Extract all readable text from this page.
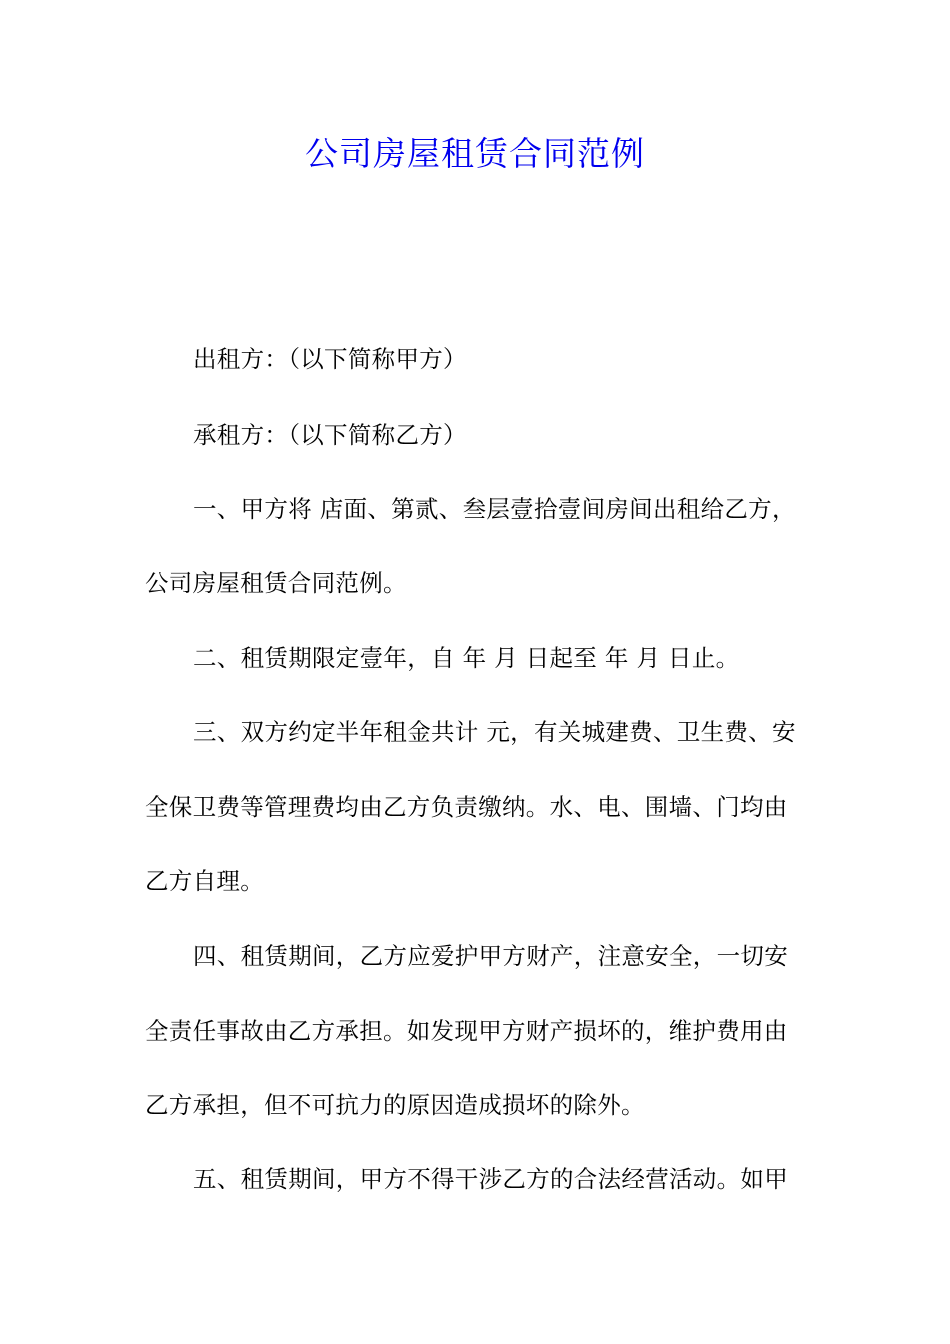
公司房屋租赁合同范例
出租方：（以下简称甲方）
承租方：（以下简称乙方）
一、甲方将 店面、第贰、叁层壹拾壹间房间出租给乙方，
公司房屋租赁合同范例。
二、租赁期限定壹年，自 年 月 日起至 年 月 日止。
三、双方约定半年租金共计 元，有关城建费、卫生费、安
全保卫费等管理费均由乙方负责缴纳。水、电、围墙、门均由
乙方自理。
四、租赁期间，乙方应爱护甲方财产，注意安全，一切安
全责任事故由乙方承担。如发现甲方财产损坏的，维护费用由
乙方承担，但不可抗力的原因造成损坏的除外。
五、租赁期间，甲方不得干涉乙方的合法经营活动。如甲
